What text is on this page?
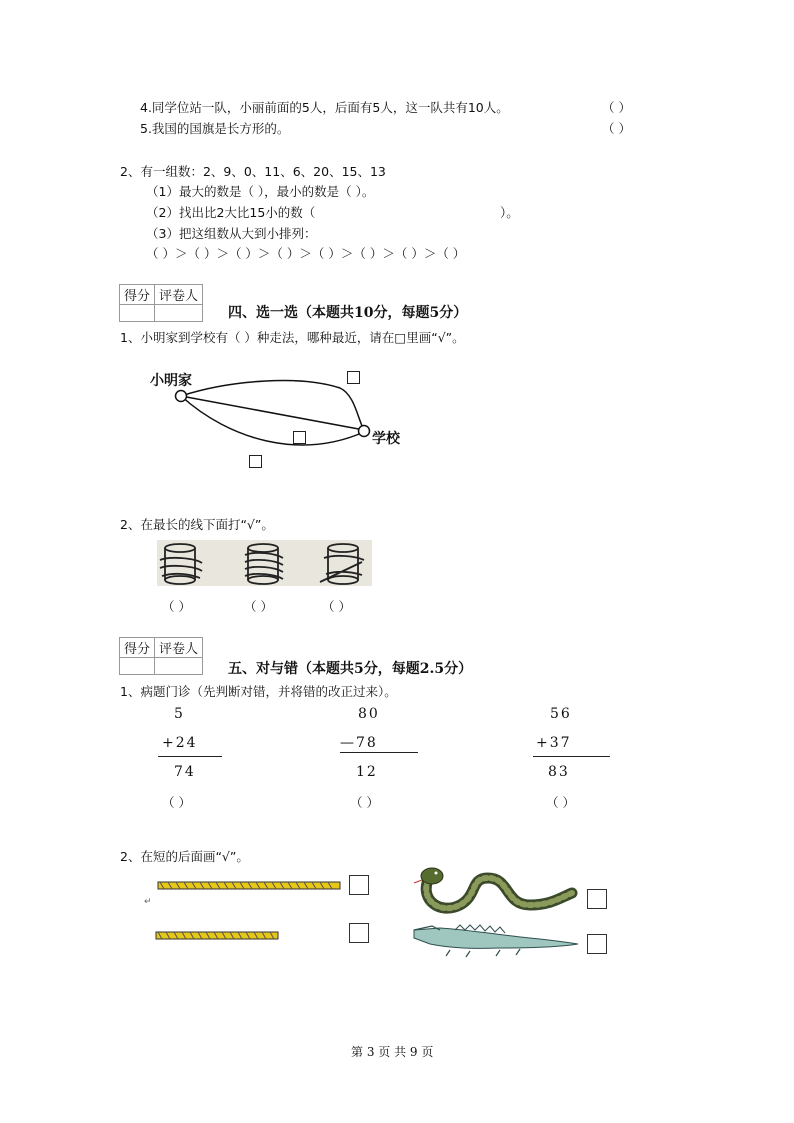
4.同学位站一队，小丽前面的5人，后面有5人，这一队共有10人。	（ ）
5.我国的国旗是长方形的。	（ ）
2、有一组数：2、9、0、11、6、20、15、13
（1）最大的数是（ ），最小的数是（ ）。
（2）找出比2大比15小的数（	）。
（3）把这组数从大到小排列：
（ ）＞（ ）＞（ ）＞（ ）＞（ ）＞（ ）＞（ ）＞（ ）
得分	评卷人

四、选一选（本题共10分，每题5分）
1、小明家到学校有（ ）种走法，哪种最近，请在□里画“√”。
小明家
学校
2、在最长的线下面打“√”。
（ ）	（ ）	（ ）
得分	评卷人

五、对与错（本题共5分，每题2.5分）
1、病题门诊（先判断对错，并将错的改正过来）。
5
+24
74
（ ）
80
—78
12
（ ）
56
+37
83
（ ）
2、在短的后面画“√”。
↵
第 3 页 共 9 页
